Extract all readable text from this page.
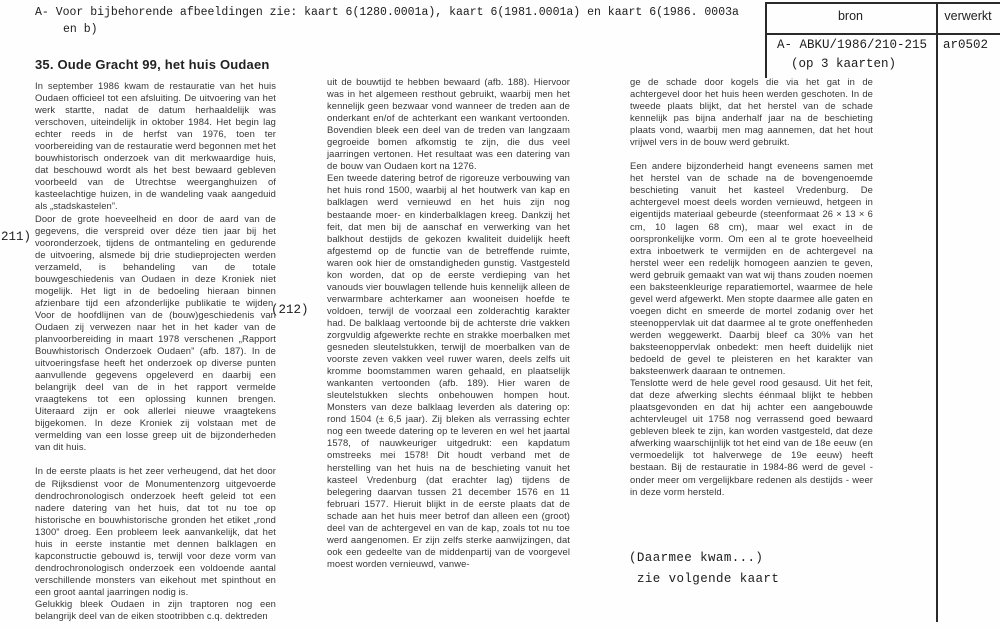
A- Voor bijbehorende afbeeldingen zie: kaart 6(1280.0001a), kaart 6(1981.0001a) en kaart 6(1986. 0003a
en b)
bron	verwerkt
A- ABKU/1986/210-215
(op 3 kaarten)
ar0502
211)
(212)
35. Oude Gracht 99, het huis Oudaen

In september 1986 kwam de restauratie van het huis Oudaen officieel tot een afsluiting. De uitvoering van het werk startte, nadat de datum herhaaldelijk was verschoven, uiteindelijk in oktober 1984. Het begin lag echter reeds in de herfst van 1976, toen ter voorbereiding van de restauratie werd begonnen met het bouwhistorisch onderzoek van dit merkwaardige huis, dat beschouwd wordt als het best bewaard gebleven voorbeeld van de Utrechtse weerganghuizen of kasteelachtige huizen, in de wandeling vaak aangeduid als „stadskastelen”.

Door de grote hoeveelheid en door de aard van de gegevens, die verspreid over déze tien jaar bij het vooronderzoek, tijdens de ontmanteling en gedurende de uitvoering, alsmede bij drie studieprojecten werden verzameld, is behandeling van de totale bouwgeschiedenis van Oudaen in deze Kroniek niet mogelijk. Het ligt in de bedoeling hieraan binnen afzienbare tijd een afzonderlijke publikatie te wijden. Voor de hoofdlijnen van de (bouw)geschiedenis van Oudaen zij verwezen naar het in het kader van de planvoorbereiding in maart 1978 verschenen „Rapport Bouwhistorisch Onderzoek Oudaen” (afb. 187). In de uitvoeringsfase heeft het onderzoek op diverse punten aanvullende gegevens opgeleverd en daarbij een belangrijk deel van de in het rapport vermelde vraagtekens tot een oplossing kunnen brengen. Uiteraard zijn er ook allerlei nieuwe vraagtekens bijgekomen. In deze Kroniek zij volstaan met de vermelding van een losse greep uit de bijzonderheden van dit huis.

In de eerste plaats is het zeer verheugend, dat het door de Rijksdienst voor de Monumentenzorg uitgevoerde dendrochronologisch onderzoek heeft geleid tot een nadere datering van het huis, dat tot nu toe op historische en bouwhistorische gronden het etiket „rond 1300” droeg. Een probleem leek aanvankelijk, dat het huis in eerste instantie met dennen balklagen en kapconstructie gebouwd is, terwijl voor deze vorm van dendrochronologisch onderzoek een voldoende aantal verschillende monsters van eikehout met spinthout en een groot aantal jaarringen nodig is.

Gelukkig bleek Oudaen in zijn traptoren nog een belangrijk deel van de eiken stootribben c.q. dektreden

uit de bouwtijd te hebben bewaard (afb. 188). Hiervoor was in het algemeen resthout gebruikt, waarbij men het kennelijk geen bezwaar vond wanneer de treden aan de onderkant en/of de achterkant een wankant vertoonden. Bovendien bleek een deel van de treden van langzaam gegroeide bomen afkomstig te zijn, die dus veel jaarringen vertonen. Het resultaat was een datering van de bouw van Oudaen kort na 1276.

Een tweede datering betrof de rigoreuze verbouwing van het huis rond 1500, waarbij al het houtwerk van kap en balklagen werd vernieuwd en het huis zijn nog bestaande moer- en kinderbalklagen kreeg. Dankzij het feit, dat men bij de aanschaf en verwerking van het balkhout destijds de gekozen kwaliteit duidelijk heeft afgestemd op de functie van de betreffende ruimte, waren ook hier de omstandigheden gunstig. Vastgesteld kon worden, dat op de eerste verdieping van het vanouds vier bouwlagen tellende huis kennelijk alleen de verwarmbare achterkamer aan wooneisen hoefde te voldoen, terwijl de voorzaal een zolderachtig karakter had. De balklaag vertoonde bij de achterste drie vakken zorgvuldig afgewerkte rechte en strakke moerbalken met gesneden sleutelstukken, terwijl de moerbalken van de voorste zeven vakken veel ruwer waren, deels zelfs uit kromme boomstammen waren gehaald, en plaatselijk wankanten vertoonden (afb. 189). Hier waren de sleutelstukken slechts onbehouwen hompen hout. Monsters van deze balklaag leverden als datering op: rond 1504 (± 6,5 jaar). Zij bleken als verrassing echter nog een tweede datering op te leveren en wel het jaartal 1578, of nauwkeuriger uitgedrukt: een kapdatum omstreeks mei 1578! Dit houdt verband met de herstelling van het huis na de beschieting vanuit het kasteel Vredenburg (dat erachter lag) tijdens de belegering daarvan tussen 21 december 1576 en 11 februari 1577. Hieruit blijkt in de eerste plaats dat de schade aan het huis meer betrof dan alleen een (groot) deel van de achtergevel en van de kap, zoals tot nu toe werd aangenomen. Er zijn zelfs sterke aanwijzingen, dat ook een gedeelte van de middenpartij van de voorgevel moest worden vernieuwd, vanwe-

ge de schade door kogels die via het gat in de achtergevel door het huis heen werden geschoten. In de tweede plaats blijkt, dat het herstel van de schade kennelijk pas bijna anderhalf jaar na de beschieting plaats vond, waarbij men mag aannemen, dat het hout vrijwel vers in de bouw werd gebruikt.

Een andere bijzonderheid hangt eveneens samen met het herstel van de schade na de bovengenoemde beschieting vanuit het kasteel Vredenburg. De achtergevel moest deels worden vernieuwd, hetgeen in eigentijds materiaal gebeurde (steenformaat 26 × 13 × 6 cm, 10 lagen 68 cm), maar wel exact in de oorspronkelijke vorm. Om een al te grote hoeveelheid extra inboetwerk te vermijden en de achtergevel na herstel weer een redelijk homogeen aanzien te geven, werd gebruik gemaakt van wat wij thans zouden noemen een baksteenkleurige reparatiemortel, waarmee de hele gevel werd afgewerkt. Men stopte daarmee alle gaten en voegen dicht en smeerde de mortel zodanig over het steenoppervlak uit dat daarmee al te grote oneffenheden werden weggewerkt. Daarbij bleef ca 30% van het baksteenoppervlak onbedekt: men heeft duidelijk niet bedoeld de gevel te pleisteren en het karakter van baksteenwerk daaraan te ontnemen.

Tenslotte werd de hele gevel rood gesausd. Uit het feit, dat deze afwerking slechts éénmaal blijkt te hebben plaatsgevonden en dat hij achter een aangebouwde achtervleugel uit 1758 nog verrassend goed bewaard gebleven bleek te zijn, kan worden vastgesteld, dat deze afwerking waarschijnlijk tot het eind van de 18e eeuw (en vermoedelijk tot halverwege de 19e eeuw) heeft bestaan. Bij de restauratie in 1984-86 werd de gevel - onder meer om vergelijkbare redenen als destijds - weer in deze vorm hersteld.

(Daarmee kwam...)
zie volgende kaart
